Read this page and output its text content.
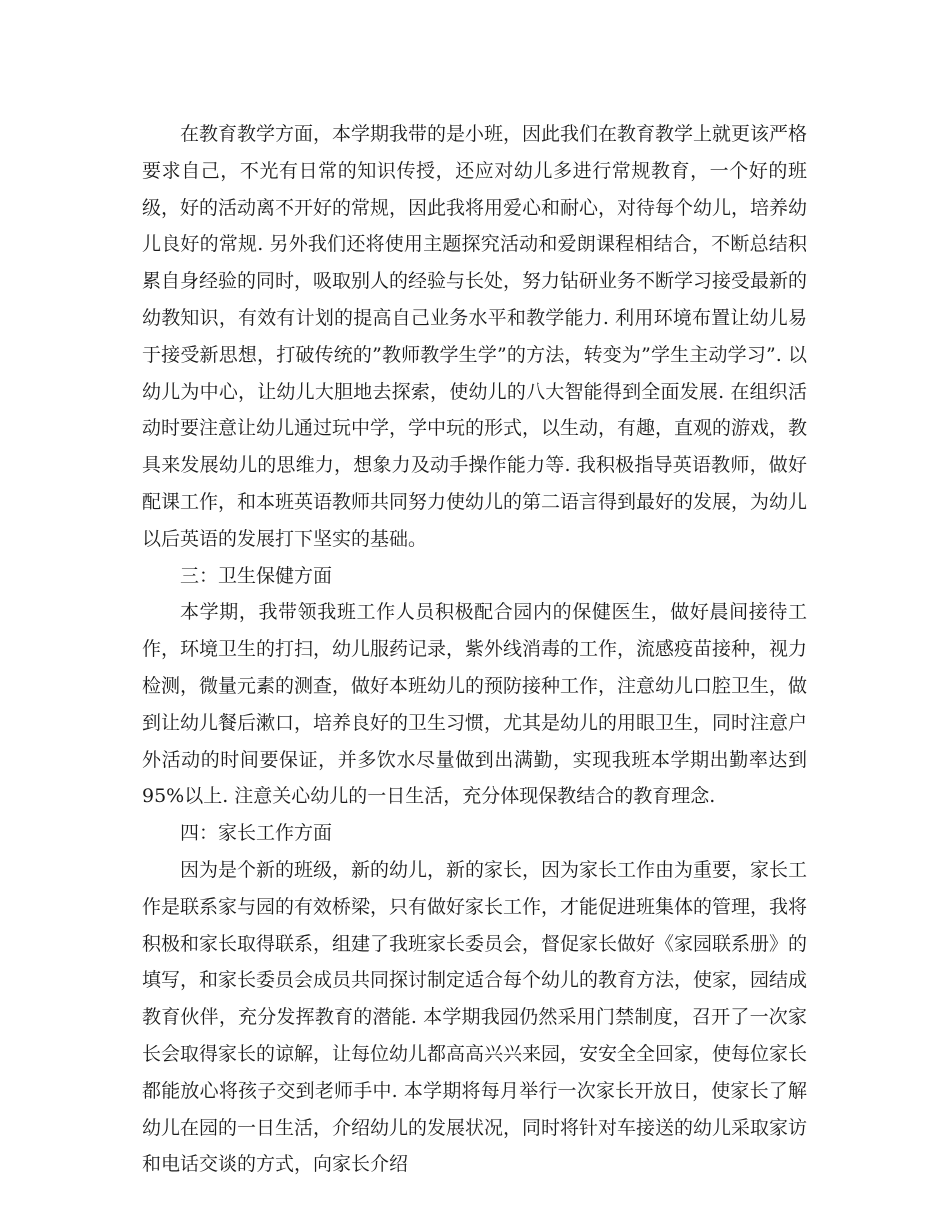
在教育教学方面，本学期我带的是小班，因此我们在教育教学上就更该严格要求自己，不光有日常的知识传授，还应对幼儿多进行常规教育，一个好的班级，好的活动离不开好的常规，因此我将用爱心和耐心，对待每个幼儿，培养幼儿良好的常规. 另外我们还将使用主题探究活动和爱朗课程相结合，不断总结积累自身经验的同时，吸取别人的经验与长处，努力钻研业务不断学习接受最新的幼教知识，有效有计划的提高自己业务水平和教学能力. 利用环境布置让幼儿易于接受新思想，打破传统的”教师教学生学”的方法，转变为”学生主动学习”. 以幼儿为中心，让幼儿大胆地去探索，使幼儿的八大智能得到全面发展. 在组织活动时要注意让幼儿通过玩中学，学中玩的形式，以生动，有趣，直观的游戏，教具来发展幼儿的思维力，想象力及动手操作能力等. 我积极指导英语教师，做好配课工作，和本班英语教师共同努力使幼儿的第二语言得到最好的发展，为幼儿以后英语的发展打下坚实的基础。

三：卫生保健方面

本学期，我带领我班工作人员积极配合园内的保健医生，做好晨间接待工作，环境卫生的打扫，幼儿服药记录，紫外线消毒的工作，流感疫苗接种，视力检测，微量元素的测查，做好本班幼儿的预防接种工作，注意幼儿口腔卫生，做到让幼儿餐后漱口，培养良好的卫生习惯，尤其是幼儿的用眼卫生，同时注意户外活动的时间要保证，并多饮水尽量做到出满勤，实现我班本学期出勤率达到95%以上. 注意关心幼儿的一日生活，充分体现保教结合的教育理念.

四：家长工作方面

因为是个新的班级，新的幼儿，新的家长，因为家长工作由为重要，家长工作是联系家与园的有效桥梁，只有做好家长工作，才能促进班集体的管理，我将积极和家长取得联系，组建了我班家长委员会，督促家长做好《家园联系册》的填写，和家长委员会成员共同探讨制定适合每个幼儿的教育方法，使家，园结成教育伙伴，充分发挥教育的潜能. 本学期我园仍然采用门禁制度，召开了一次家长会取得家长的谅解，让每位幼儿都高高兴兴来园，安安全全回家，使每位家长都能放心将孩子交到老师手中. 本学期将每月举行一次家长开放日，使家长了解幼儿在园的一日生活，介绍幼儿的发展状况，同时将针对车接送的幼儿采取家访和电话交谈的方式，向家长介绍
